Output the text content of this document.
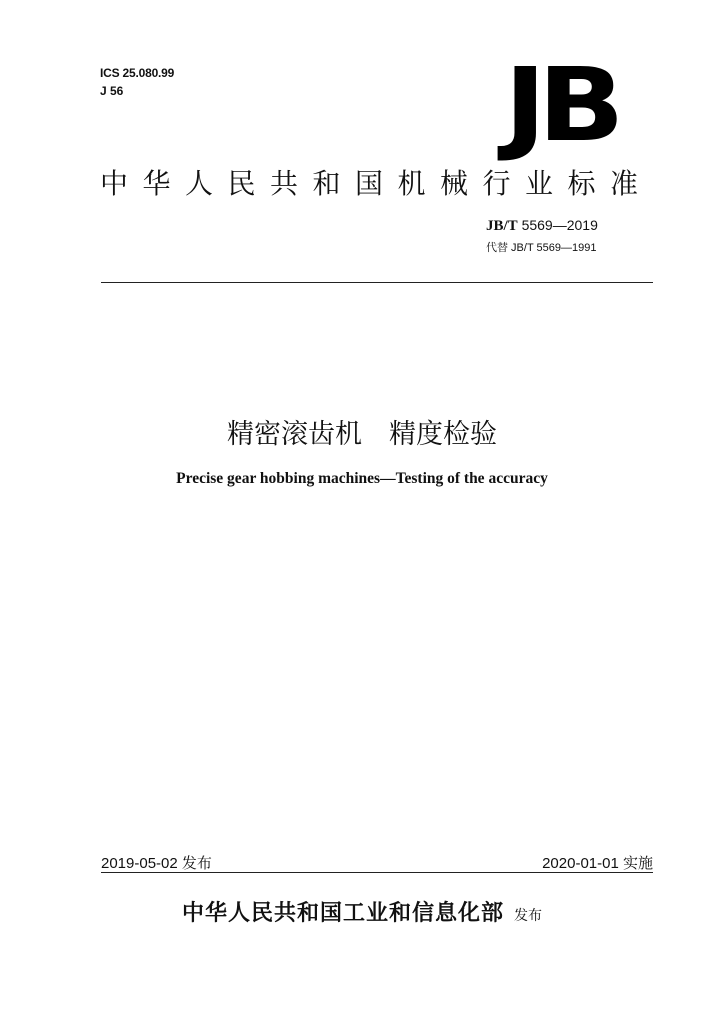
ICS 25.080.99
J 56	JB
中华人民共和国机械行业标准
JB/T 5569—2019
代替 JB/T 5569—1991
精密滚齿机　精度检验
Precise gear hobbing machines—Testing of the accuracy
2019-05-02 发布	2020-01-01 实施
中华人民共和国工业和信息化部 发布
